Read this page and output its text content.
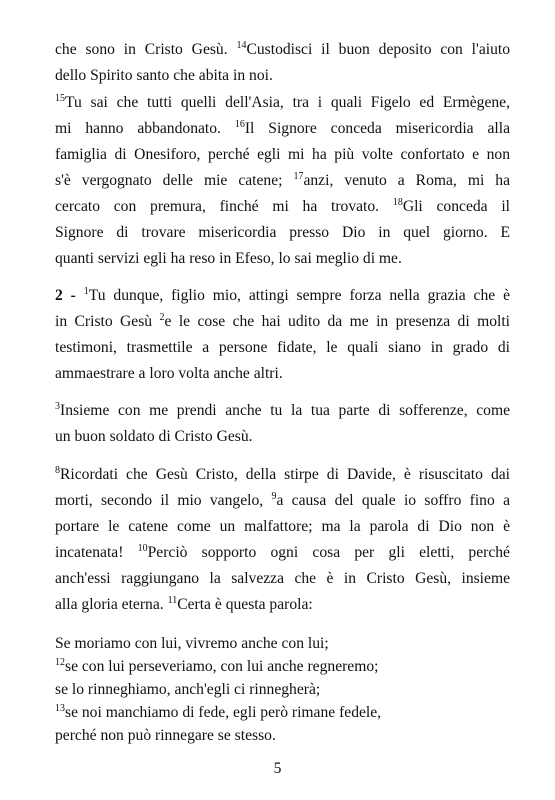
che sono in Cristo Gesù. $^{14}$Custodisci il buon deposito con l'aiuto
dello Spirito santo che abita in noi.
$^{15}$Tu sai che tutti quelli dell'Asia, tra i quali Figelo ed Ermègene,
mi hanno abbandonato. $^{16}$Il Signore conceda misericordia alla
famiglia di Onesiforo, perché egli mi ha più volte confortato e non
s'è vergognato delle mie catene; $^{17}$anzi, venuto a Roma, mi ha
cercato con premura, finché mi ha trovato. $^{18}$Gli conceda il
Signore di trovare misericordia presso Dio in quel giorno. E
quanti servizi egli ha reso in Efeso, lo sai meglio di me.
2 - $^1$Tu dunque, figlio mio, attingi sempre forza nella grazia che è
in Cristo Gesù $^2$e le cose che hai udito da me in presenza di molti
testimoni, trasmettile a persone fidate, le quali siano in grado di
ammaestrare a loro volta anche altri.
$^3$Insieme con me prendi anche tu la tua parte di sofferenze, come
un buon soldato di Cristo Gesù.
$^8$Ricordati che Gesù Cristo, della stirpe di Davide, è risuscitato dai
morti, secondo il mio vangelo, $^9$a causa del quale io soffro fino a
portare le catene come un malfattore; ma la parola di Dio non è
incatenata! $^{10}$Perciò sopporto ogni cosa per gli eletti, perché
anch'essi raggiungano la salvezza che è in Cristo Gesù, insieme
alla gloria eterna. $^{11}$Certa è questa parola:
Se moriamo con lui, vivremo anche con lui;
$^{12}$se con lui perseveriamo, con lui anche regneremo;
se lo rinneghiamo, anch'egli ci rinnegherà;
$^{13}$se noi manchiamo di fede, egli però rimane fedele,
perché non può rinnegare se stesso.
5
